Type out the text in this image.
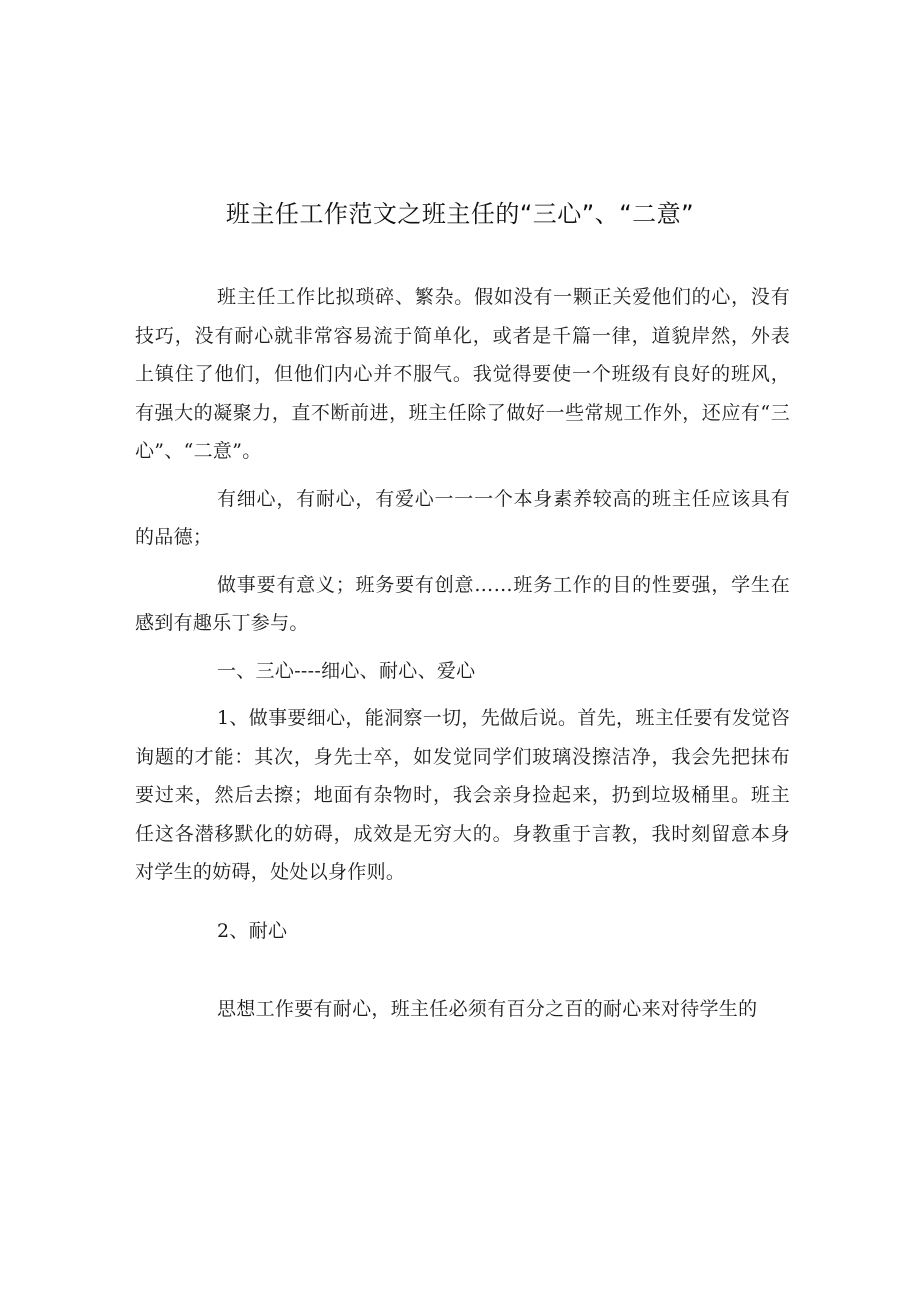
班主任工作范文之班主任的“三心”、“二意”

班主任工作比拟琐碎、繁杂。假如没有一颗正关爱他们的心，没有技巧，没有耐心就非常容易流于简单化，或者是千篇一律，道貌岸然，外表上镇住了他们，但他们内心并不服气。我觉得要使一个班级有良好的班风，有强大的凝聚力，直不断前进，班主任除了做好一些常规工作外，还应有“三心”、“二意”。

有细心，有耐心，有爱心一一一个本身素养较高的班主任应该具有的品德；

做事要有意义；班务要有创意……班务工作的目的性要强，学生在感到有趣乐丁参与。

一、三心----细心、耐心、爱心

1、做事要细心，能洞察一切，先做后说。首先，班主任要有发觉咨询题的才能：其次，身先士卒，如发觉同学们玻璃没擦洁净，我会先把抹布要过来，然后去擦；地面有杂物时，我会亲身捡起来，扔到垃圾桶里。班主任这各潜移默化的妨碍，成效是无穷大的。身教重于言教，我时刻留意本身对学生的妨碍，处处以身作则。

2、耐心

思想工作要有耐心，班主任必须有百分之百的耐心来对待学生的
